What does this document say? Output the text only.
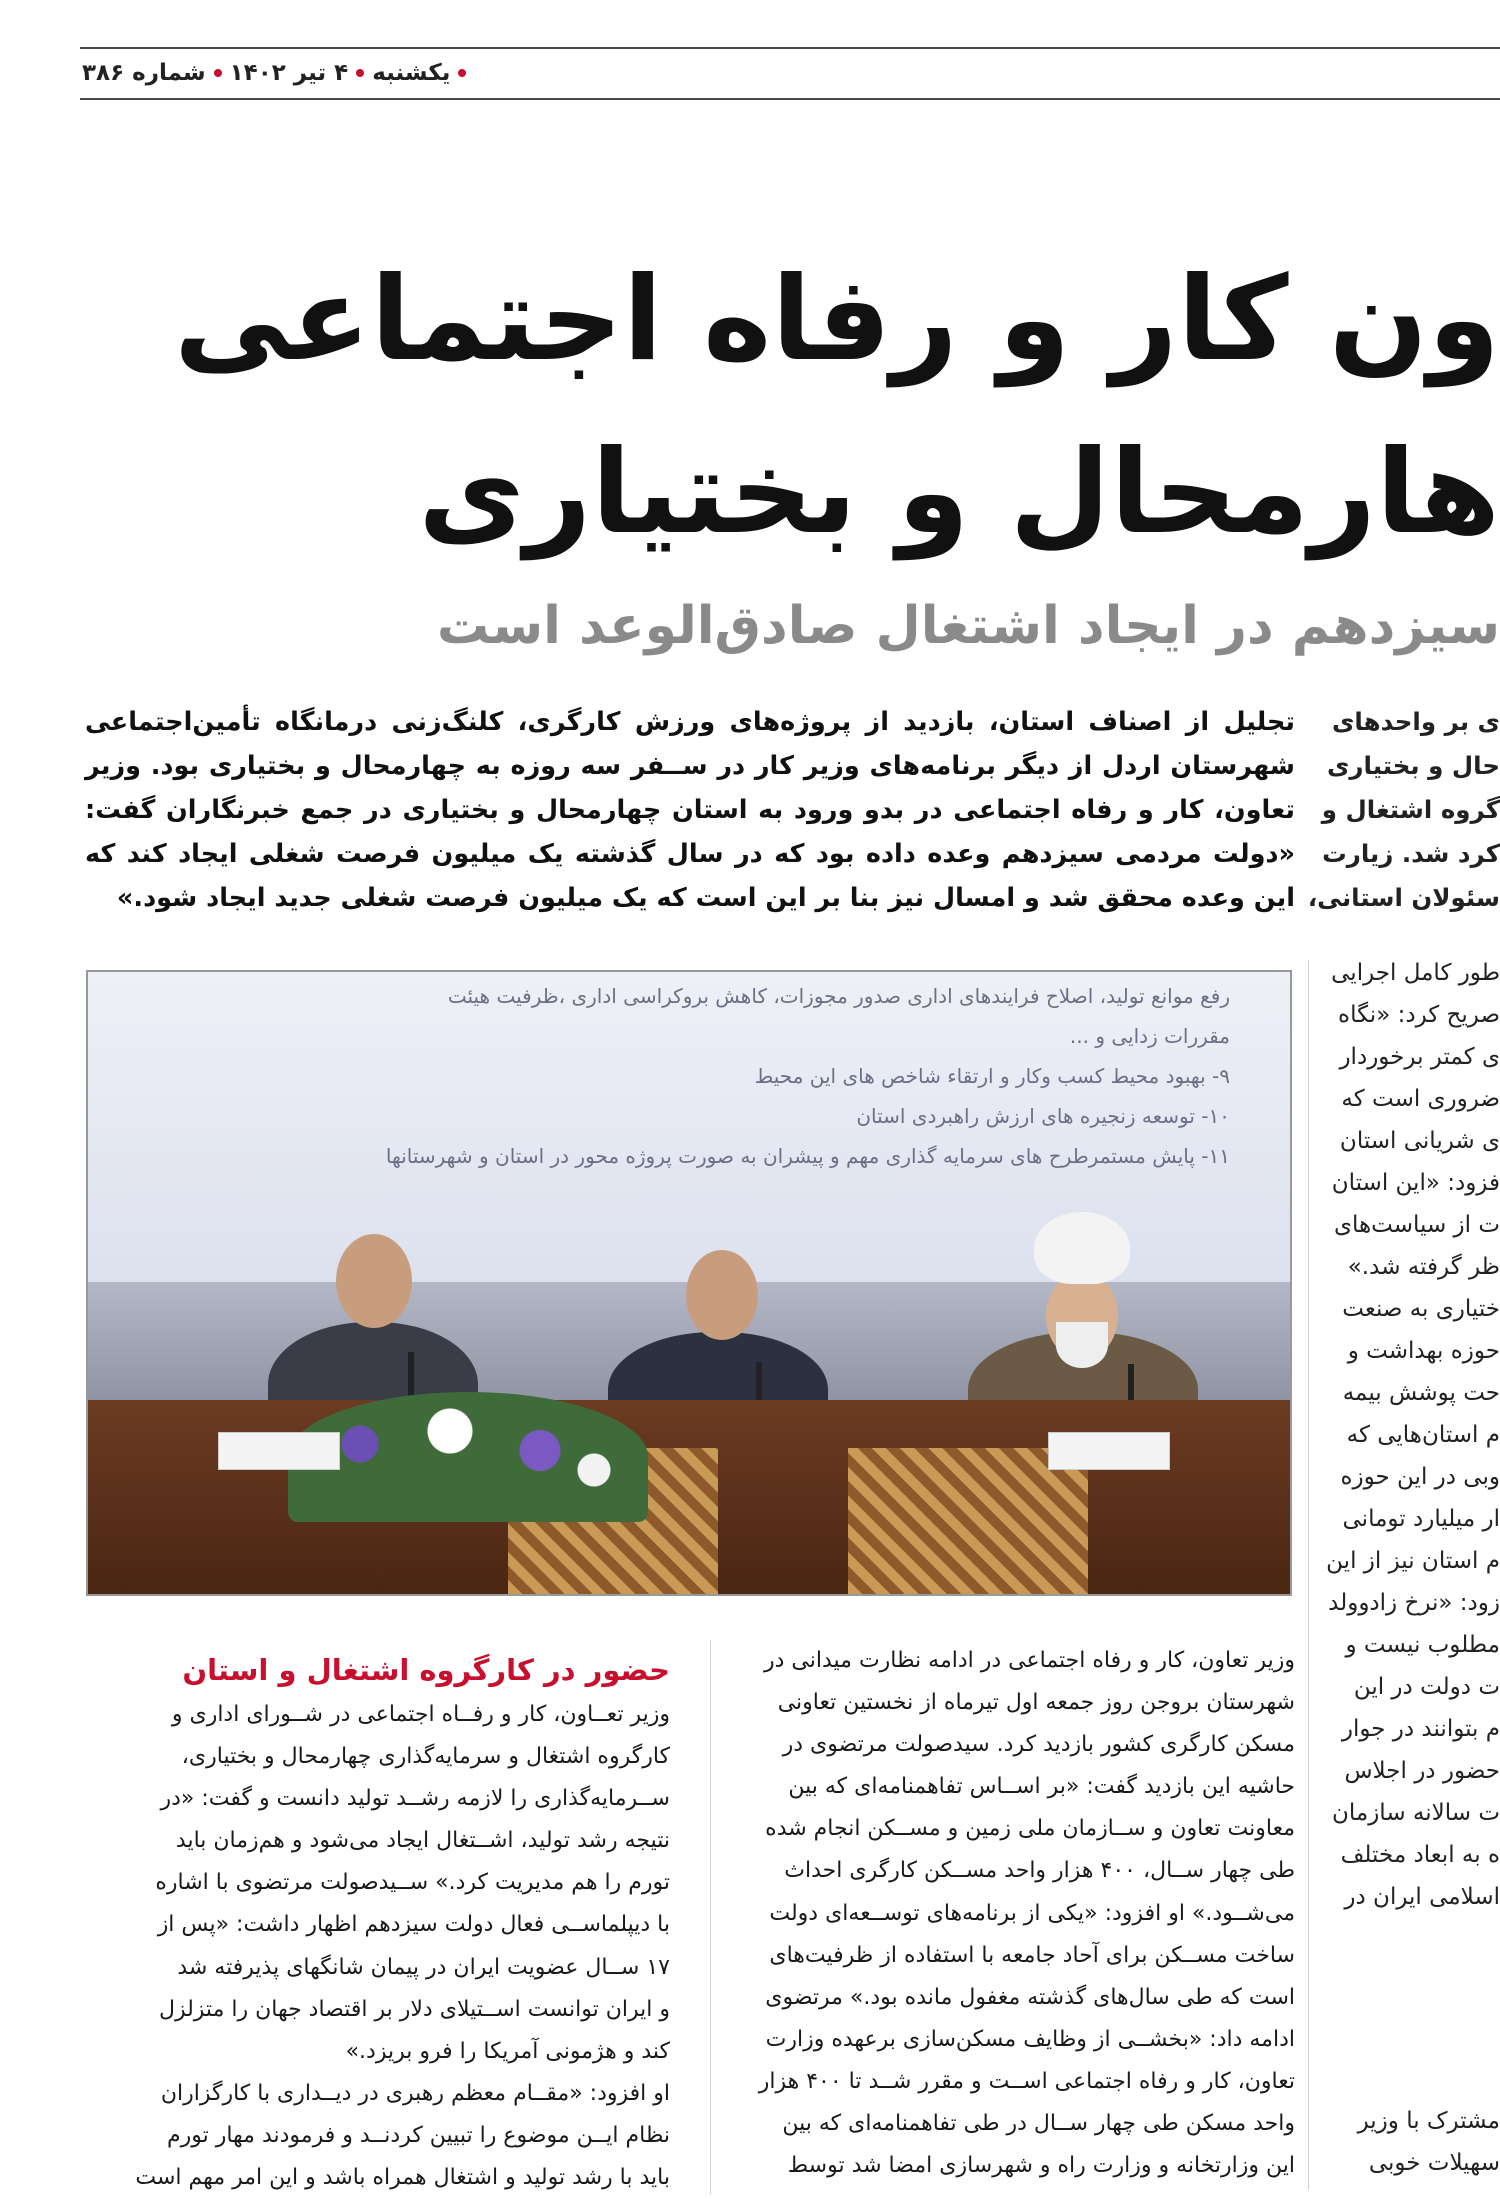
یکشنبه
۴ تیر ۱۴۰۲
شماره ۳۸۶
ون کار و رفاه اجتماعی
هارمحال و بختیاری
سیزدهم در ایجاد اشتغال صادق‌الوعد است
تجلیل از اصناف استان، بازدید از پروژه‌های ورزش کارگری، کلنگ‌زنی درمانگاه تأمین‌اجتماعی شهرستان اردل از دیگر برنامه‌های وزیر کار در ســفر سه روزه به چهارمحال و بختیاری بود. وزیر تعاون، کار و رفاه اجتماعی در بدو ورود به استان چهارمحال و بختیاری در جمع خبرنگاران گفت: «دولت مردمی سیزدهم وعده داده بود که در سال گذشته یک میلیون فرصت شغلی ایجاد کند که این وعده محقق شد و امسال نیز بنا بر این است که یک میلیون فرصت شغلی جدید ایجاد شود.»
ی بر واحدهای
حال و بختیاری
گروه اشتغال و
کرد شد. زیارت
سئولان استانی،
طور کامل اجرایی
صریح کرد: «نگاه
ی کمتر برخوردار
ضروری است که
ی شریانی استان
فزود: «این استان
ت از سیاست‌های
ظر گرفته شد.»
ختیاری به صنعت
حوزه بهداشت و
حت پوشش بیمه
م استان‌هایی که
وبی در این حوزه
ار میلیارد تومانی
م استان نیز از این
زود: «نرخ زادوولد
مطلوب نیست و
ت دولت در این
م بتوانند در جوار
حضور در اجلاس
ت سالانه سازمان
ه به ابعاد مختلف
اسلامی ایران در
مشترک با وزیر
سهیلات خوبی
رفع موانع تولید، اصلاح فرایندهای اداری صدور مجوزات، کاهش بروکراسی اداری ،ظرفیت هیئت
مقررات زدایی و ...
۹- بهبود محیط کسب وکار و ارتقاء شاخص های این محیط
۱۰- توسعه زنجیره های ارزش راهبردی استان
۱۱- پایش مستمرطرح های سرمایه گذاری مهم و پیشران به صورت پروژه محور در استان و شهرستانها
وزیر تعاون، کار و رفاه اجتماعی در ادامه نظارت میدانی در
شهرستان بروجن روز جمعه اول تیرماه از نخستین تعاونی
مسکن کارگری کشور بازدید کرد. سیدصولت مرتضوی در
حاشیه این بازدید گفت: «بر اســاس تفاهمنامه‌ای که بین
معاونت تعاون و ســازمان ملی زمین و مســکن انجام شده
طی چهار ســال، ۴۰۰ هزار واحد مســکن کارگری احداث
می‌شــود.» او افزود: «یکی از برنامه‌های توســعه‌ای دولت
ساخت مســکن برای آحاد جامعه با استفاده از ظرفیت‌های
است که طی سال‌های گذشته مغفول مانده بود.» مرتضوی
ادامه داد: «بخشــی از وظایف مسکن‌سازی برعهده وزارت
تعاون، کار و رفاه اجتماعی اســت و مقرر شــد تا ۴۰۰ هزار
واحد مسکن طی چهار ســال در طی تفاهمنامه‌ای که بین
این وزارتخانه و وزارت راه و شهرسازی امضا شد توسط
حضور در کارگروه اشتغال و استان
وزیر تعــاون، کار و رفــاه اجتماعی در شــورای اداری و
کارگروه اشتغال و سرمایه‌گذاری چهارمحال و بختیاری،
ســرمایه‌گذاری را لازمه رشــد تولید دانست و گفت: «در
نتیجه رشد تولید، اشــتغال ایجاد می‌شود و هم‌زمان باید
تورم را هم مدیریت کرد.» ســیدصولت مرتضوی با اشاره
با دیپلماســی فعال دولت سیزدهم اظهار داشت: «پس از
۱۷ ســال عضویت ایران در پیمان شانگهای پذیرفته شد
و ایران توانست اســتیلای دلار بر اقتصاد جهان را متزلزل
کند و هژمونی آمریکا را فرو بریزد.»
او افزود: «مقــام معظم رهبری در دیــداری با کارگزاران
نظام ایــن موضوع را تبیین کردنــد و فرمودند مهار تورم
باید با رشد تولید و اشتغال همراه باشد و این امر مهم است
